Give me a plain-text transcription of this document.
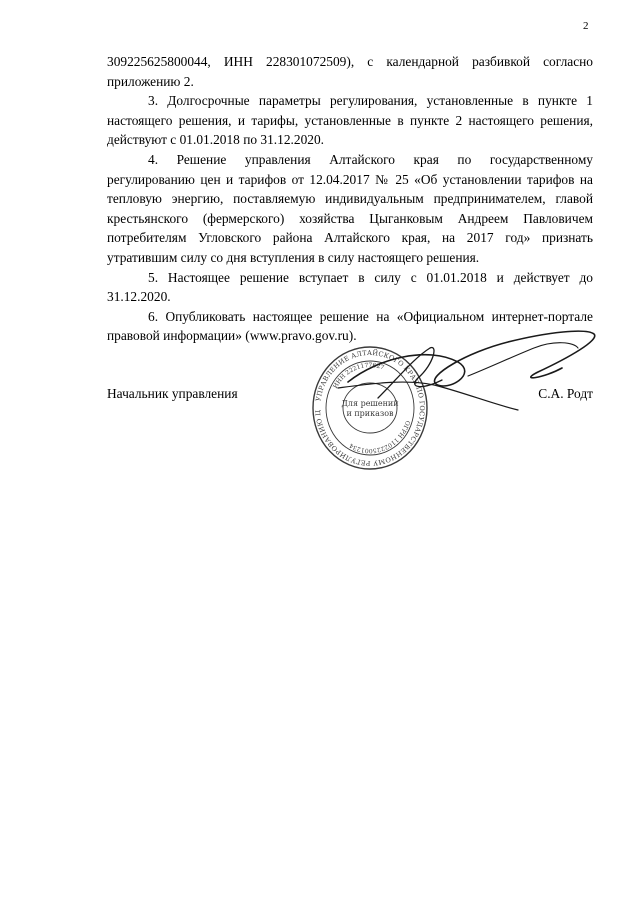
2

309225625800044, ИНН 228301072509), с календарной разбивкой согласно приложению 2.

3. Долгосрочные параметры регулирования, установленные в пункте 1 настоящего решения, и тарифы, установленные в пункте 2 настоящего решения, действуют с 01.01.2018 по 31.12.2020.

4. Решение управления Алтайского края по государственному регулированию цен и тарифов от 12.04.2017 № 25 «Об установлении тарифов на тепловую энергию, поставляемую индивидуальным предпринимателем, главой крестьянского (фермерского) хозяйства Цыганковым Андреем Павловичем потребителям Угловского района Алтайского края, на 2017 год» признать утратившим силу со дня вступления в силу настоящего решения.

5. Настоящее решение вступает в силу с 01.01.2018 и действует до 31.12.2020.

6. Опубликовать настоящее решение на «Официальном интернет-портале правовой информации» (www.pravo.gov.ru).

УПРАВЛЕНИЕ АЛТАЙСКОГО КРАЯ ПО ГОСУДАРСТВЕННОМУ РЕГУЛИРОВАНИЮ Ц
ИНН 2221177627
ОГРН 1102225001234
Для решений
и приказов
Начальник управления	С.А. Родт
